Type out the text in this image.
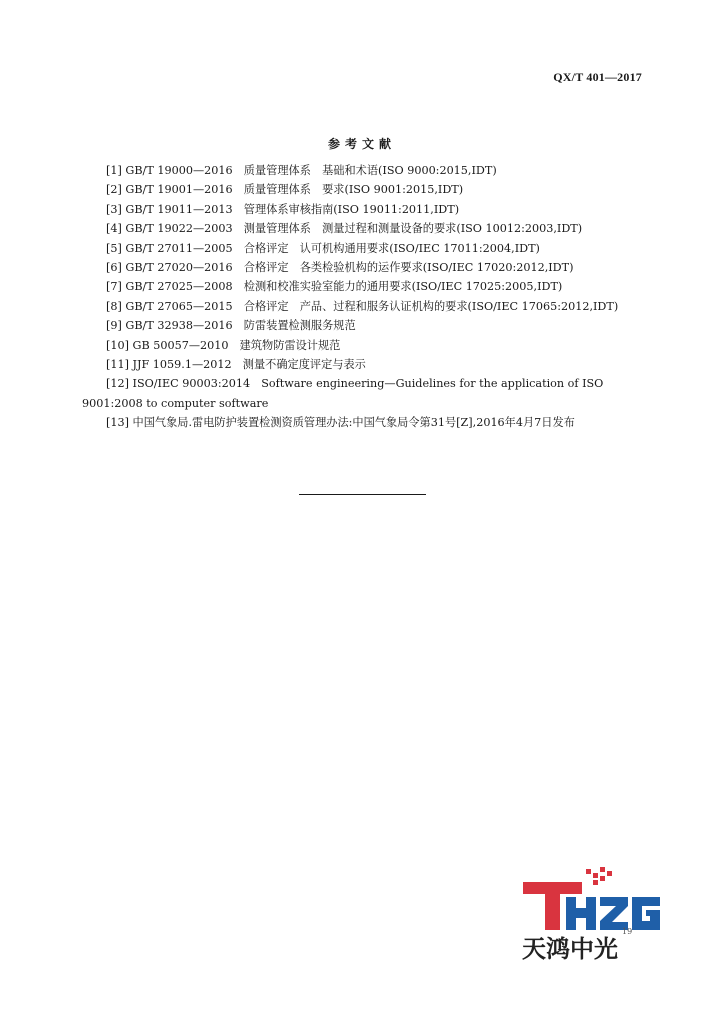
QX/T 401—2017
参考文献

[1] GB/T 19000—2016　质量管理体系　基础和术语(ISO 9000:2015,IDT)

[2] GB/T 19001—2016　质量管理体系　要求(ISO 9001:2015,IDT)

[3] GB/T 19011—2013　管理体系审核指南(ISO 19011:2011,IDT)

[4] GB/T 19022—2003　测量管理体系　测量过程和测量设备的要求(ISO 10012:2003,IDT)

[5] GB/T 27011—2005　合格评定　认可机构通用要求(ISO/IEC 17011:2004,IDT)

[6] GB/T 27020—2016　合格评定　各类检验机构的运作要求(ISO/IEC 17020:2012,IDT)

[7] GB/T 27025—2008　检测和校准实验室能力的通用要求(ISO/IEC 17025:2005,IDT)

[8] GB/T 27065—2015　合格评定　产品、过程和服务认证机构的要求(ISO/IEC 17065:2012,IDT)

[9] GB/T 32938—2016　防雷装置检测服务规范

[10] GB 50057—2010　建筑物防雷设计规范

[11] JJF 1059.1—2012　测量不确定度评定与表示

[12] ISO/IEC 90003:2014　Software engineering—Guidelines for the application of ISO 9001:2008 to computer software

[13] 中国气象局.雷电防护装置检测资质管理办法:中国气象局令第31号[Z],2016年4月7日发布

天鸿中光
19
